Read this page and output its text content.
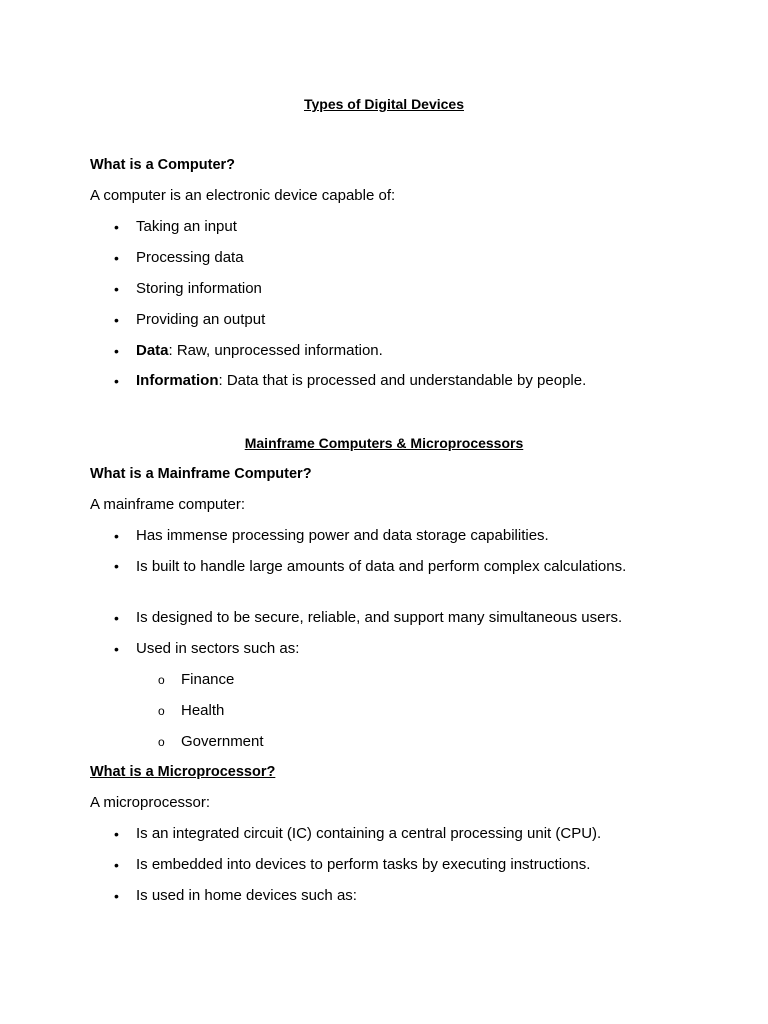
Types of Digital Devices
What is a Computer?
A computer is an electronic device capable of:
• Taking an input
• Processing data
• Storing information
• Providing an output
• Data: Raw, unprocessed information.
• Information: Data that is processed and understandable by people.
Mainframe Computers & Microprocessors
What is a Mainframe Computer?
A mainframe computer:
• Has immense processing power and data storage capabilities.
• Is built to handle large amounts of data and perform complex calculations.
• Is designed to be secure, reliable, and support many simultaneous users.
• Used in sectors such as:
o Finance
o Health
o Government
What is a Microprocessor?
A microprocessor:
• Is an integrated circuit (IC) containing a central processing unit (CPU).
• Is embedded into devices to perform tasks by executing instructions.
• Is used in home devices such as:
